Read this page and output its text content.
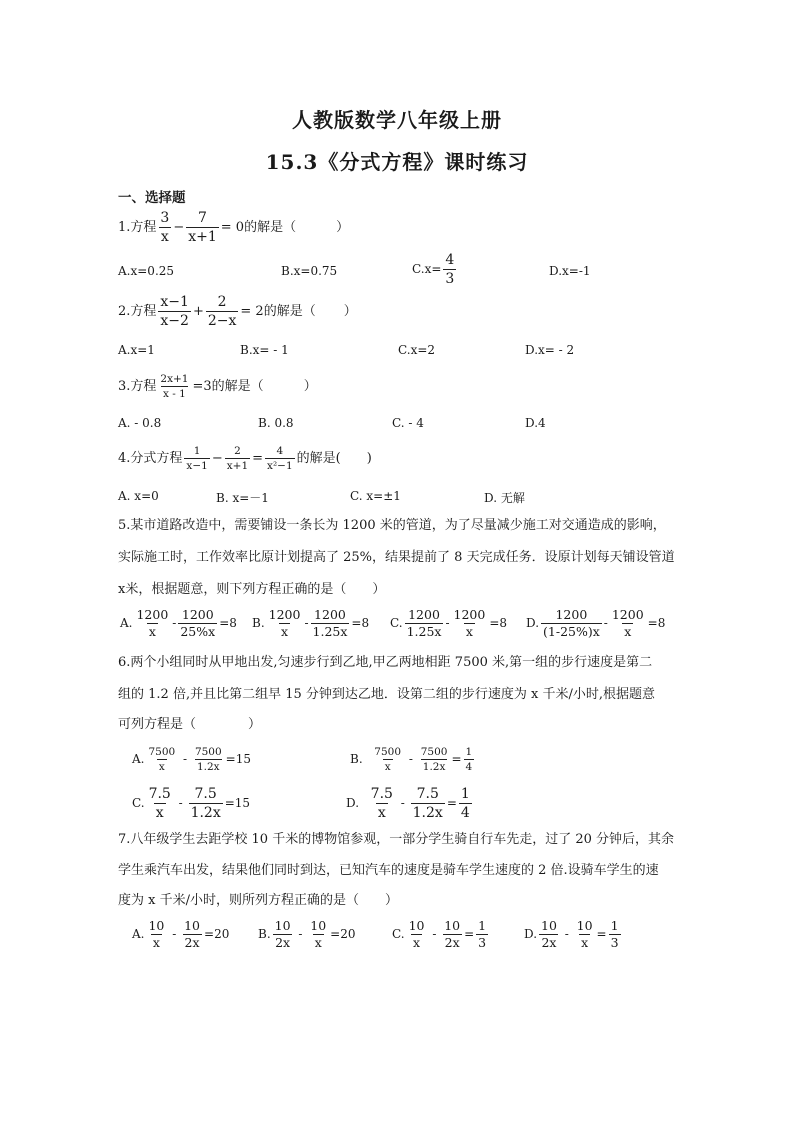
人教版数学八年级上册
15.3《分式方程》课时练习
一、选择题
1.方程 $\frac{3}{x} - \frac{7}{x+1} = 0$的解是（	）
A.x=0.25	B.x=0.75	$C.x= \frac{4}{3}$	D.x=-1
2.方程 $\frac{x-1}{x-2} + \frac{2}{2-x} = 2$的解是（ ）
A.x=1	B.x= - 1	C.x=2	D.x= - 2
3.方程 $\frac{2x+1}{x - 1} =3$的解是（	）
A. - 0.8	B. 0.8	C. - 4	D.4
4.分式方程 $\frac{1}{x-1} - \frac{2}{x+1} = \frac{4}{\text{x²−1}}$ 的解是( )
A. x=0	B. x=－1	C. x=±1	D. 无解
5.某市道路改造中，需要铺设一条长为 1200 米的管道，为了尽量减少施工对交通造成的影响，
实际施工时，工作效率比原计划提高了 25%，结果提前了 8 天完成任务．设原计划每天铺设管道
x米，根据题意，则下列方程正确的是（　　）
A. $\frac{1200}{x} - \frac{1200}{25\%x} =8$ B. $\frac{1200}{x} - \frac{1200}{1.25x} =8$ C. $\frac{1200}{1.25x} - \frac{1200}{x} =8$ D. $\frac{1200}{(1-25\%)x} - \frac{1200}{x} =8$
6.两个小组同时从甲地出发,匀速步行到乙地,甲乙两地相距 7500 米,第一组的步行速度是第二
组的 1.2 倍,并且比第二组早 15 分钟到达乙地．设第二组的步行速度为 x 千米/小时,根据题意
可列方程是（　　　　）
A. $\frac{7500}{x} - \frac{7500}{1.2x} =15$	B. $\frac{7500}{x} - \frac{7500}{1.2x} = \frac{1}{4}$
C. $\frac{7.5}{x} - \frac{7.5}{1.2x} =15$	D. $\frac{7.5}{x} - \frac{7.5}{1.2x} = \frac{1}{4}$
7.八年级学生去距学校 10 千米的博物馆参观，一部分学生骑自行车先走，过了 20 分钟后，其余
学生乘汽车出发，结果他们同时到达，已知汽车的速度是骑车学生速度的 2 倍.设骑车学生的速
度为 x 千米/小时，则所列方程正确的是（　　）
A. $\frac{10}{x} - \frac{10}{2x} =20$ B. $\frac{10}{2x} - \frac{10}{x} =20$	C. $\frac{10}{x} - \frac{10}{2x} = \frac{1}{3}$	D. $\frac{10}{2x} - \frac{10}{x} = \frac{1}{3}$
